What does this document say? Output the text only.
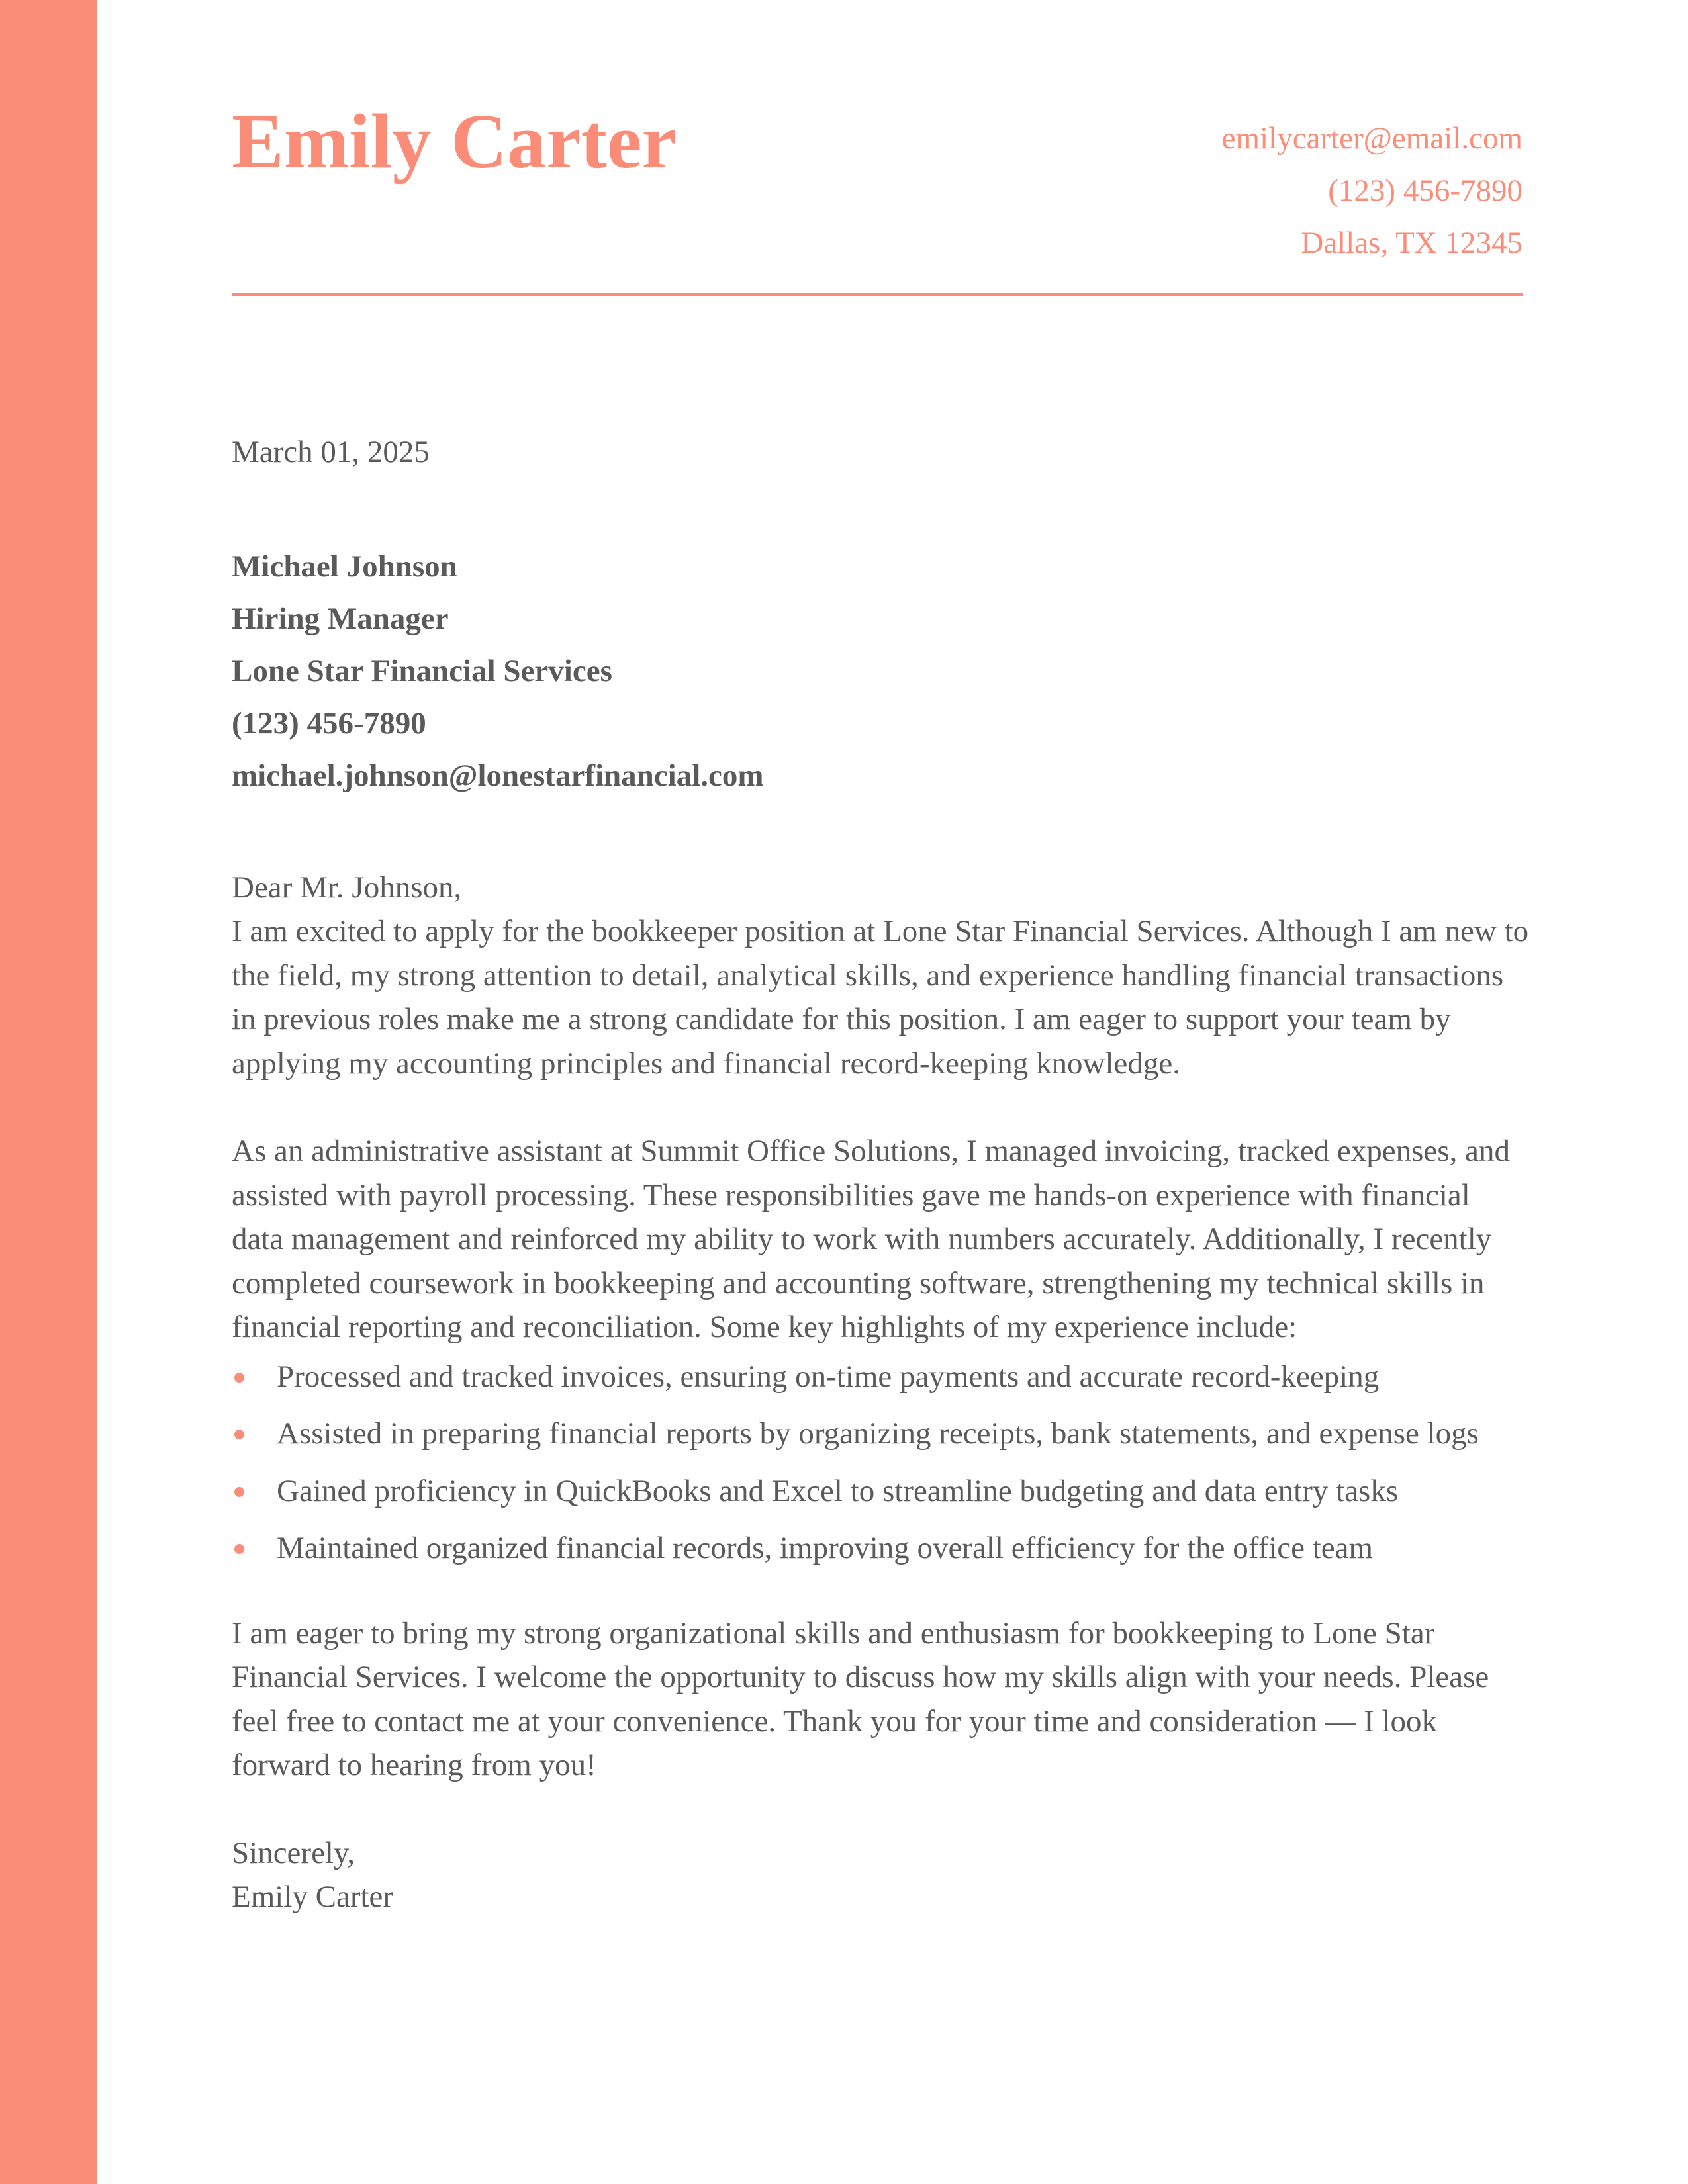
Emily Carter	emilycarter@email.com
(123) 456-7890
Dallas, TX 12345

March 01, 2025

Michael Johnson
Hiring Manager
Lone Star Financial Services
(123) 456-7890
michael.johnson@lonestarfinancial.com
Dear Mr. Johnson,

I am excited to apply for the bookkeeper position at Lone Star Financial Services. Although I am new to the field, my strong attention to detail, analytical skills, and experience handling financial transactions in previous roles make me a strong candidate for this position. I am eager to support your team by applying my accounting principles and financial record-keeping knowledge.

As an administrative assistant at Summit Office Solutions, I managed invoicing, tracked expenses, and assisted with payroll processing. These responsibilities gave me hands-on experience with financial data management and reinforced my ability to work with numbers accurately. Additionally, I recently completed coursework in bookkeeping and accounting software, strengthening my technical skills in financial reporting and reconciliation. Some key highlights of my experience include:

Processed and tracked invoices, ensuring on-time payments and accurate record-keeping
Assisted in preparing financial reports by organizing receipts, bank statements, and expense logs
Gained proficiency in QuickBooks and Excel to streamline budgeting and data entry tasks
Maintained organized financial records, improving overall efficiency for the office team

I am eager to bring my strong organizational skills and enthusiasm for bookkeeping to Lone Star Financial Services. I welcome the opportunity to discuss how my skills align with your needs. Please feel free to contact me at your convenience. Thank you for your time and consideration — I look forward to hearing from you!

Sincerely,
Emily Carter
